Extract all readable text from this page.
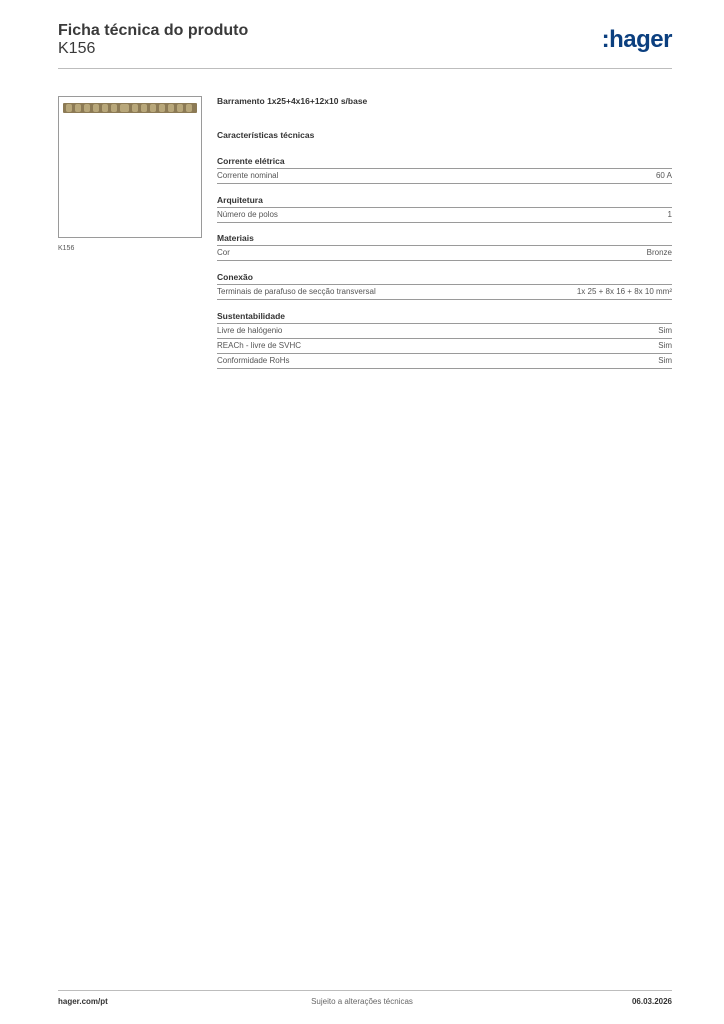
Ficha técnica do produto
K156	:hager
K156
Barramento 1x25+4x16+12x10 s/base
Características técnicas
Corrente elétrica
Corrente nominal	60 A
Arquitetura
Número de polos	1
Materiais
Cor	Bronze
Conexão
Terminais de parafuso de secção transversal	1x 25 + 8x 16 + 8x 10 mm²
Sustentabilidade
Livre de halógenio	Sim
REACh - livre de SVHC	Sim
Conformidade RoHs	Sim
hager.com/pt	Sujeito a alterações técnicas	06.03.2026
